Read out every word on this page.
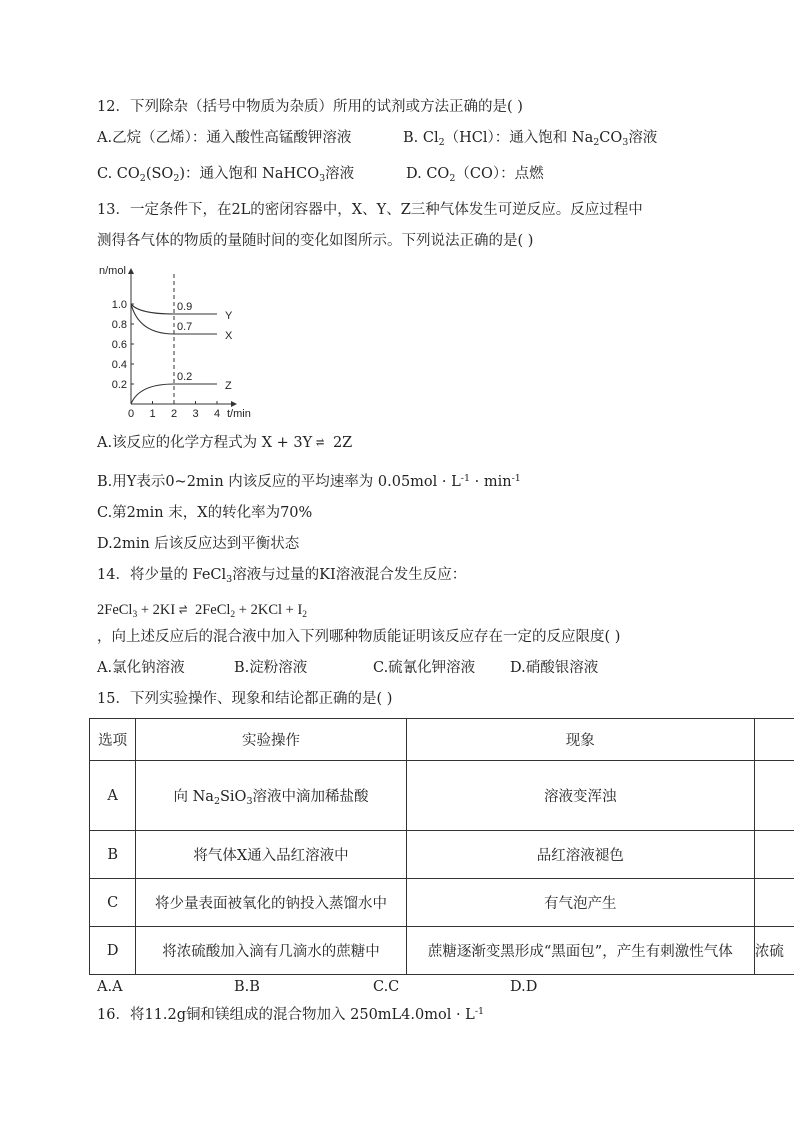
12．下列除杂（括号中物质为杂质）所用的试剂或方法正确的是( )
A.乙烷（乙烯）：通入酸性高锰酸钾溶液	B. $Cl_2(HCl)$：通入饱和 $Na_2CO_3$溶液
C. $CO_2(SO_2)$：通入饱和 NaHCO$_3$溶液	D. $CO_2(CO)$：点燃
13．一定条件下，在2L的密闭容器中，X、Y、Z三种气体发生可逆反应。反应过程中
测得各气体的物质的量随时间的变化如图所示。下列说法正确的是( )
0.2
0.4
0.6
0.8
1.0
0 1 2 3 4
n/mol
t/min
0.9
Y
0.7
X
0.2
Z
A.该反应的化学方程式为 X + 3Y ⇌ 2Z
B.用Y表示0~2min 内该反应的平均速率为 $0.05mol \cdot L^{-1} \cdot \min^{-1}$
C.第2min 末，X的转化率为70%
D.2min 后该反应达到平衡状态
14．将少量的 FeCl$_3$溶液与过量的KI溶液混合发生反应：
2FeCl$_3$ + 2KI ⇌ 2FeCl$_2$ + $2KCl + I_2$
，向上述反应后的混合液中加入下列哪种物质能证明该反应存在一定的反应限度( )
A.氯化钠溶液	B.淀粉溶液	C.硫氰化钾溶液 D.硝酸银溶液
15．下列实验操作、现象和结论都正确的是( )
选项	实验操作	现象	
A	向 $Na_2SiO_3$溶液中滴加稀盐酸	溶液变浑浊	
B	将气体X通入品红溶液中	品红溶液褪色	
C	将少量表面被氧化的钠投入蒸馏水中	有气泡产生	
D	将浓硫酸加入滴有几滴水的蔗糖中	蔗糖逐渐变黑形成“黑面包”，产生有刺激性气体	浓硫
A.A	B.B	C.C	D.D
16．将11.2g铜和镁组成的混合物加入 $250mL4.0mol \cdot L^{-1}$
